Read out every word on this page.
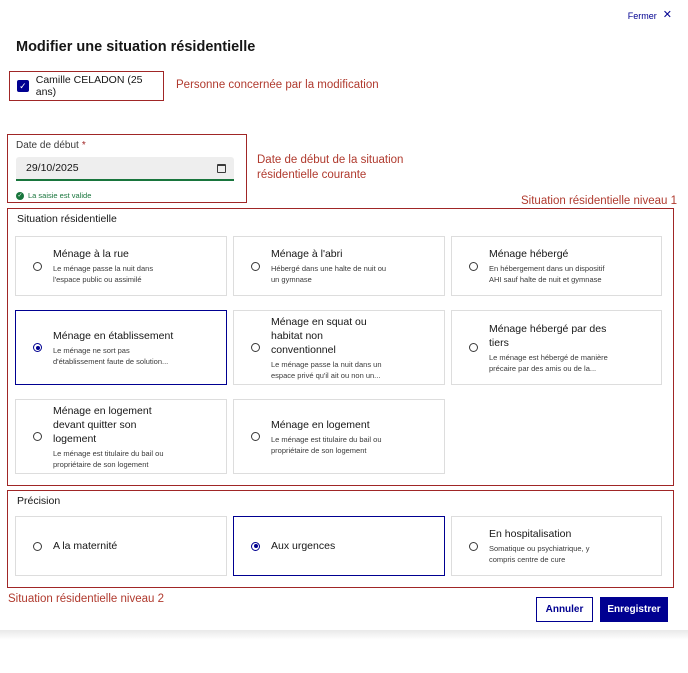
Fermer ✕
Modifier une situation résidentielle
✓ Camille CELADON (25 ans)
Personne concernée par la modification
Date de début *
29/10/2025
✓ La saisie est valide
Date de début de la situation
résidentielle courante
Situation résidentielle niveau 1
Situation résidentielle
Ménage à la rue
Le ménage passe la nuit dans
l'espace public ou assimilé
Ménage à l'abri
Hébergé dans une halte de nuit ou
un gymnase
Ménage hébergé
En hébergement dans un dispositif
AHI sauf halte de nuit et gymnase
Ménage en établissement
Le ménage ne sort pas
d'établissement faute de solution...
Ménage en squat ou
habitat non
conventionnel
Le ménage passe la nuit dans un
espace privé qu'il ait ou non un...
Ménage hébergé par des
tiers
Le ménage est hébergé de manière
précaire par des amis ou de la...
Ménage en logement
devant quitter son
logement
Le ménage est titulaire du bail ou
propriétaire de son logement
Ménage en logement
Le ménage est titulaire du bail ou
propriétaire de son logement
Précision
A la maternité	Aux urgences
En hospitalisation
Somatique ou psychiatrique, y
compris centre de cure
Situation résidentielle niveau 2
Annuler	Enregistrer
